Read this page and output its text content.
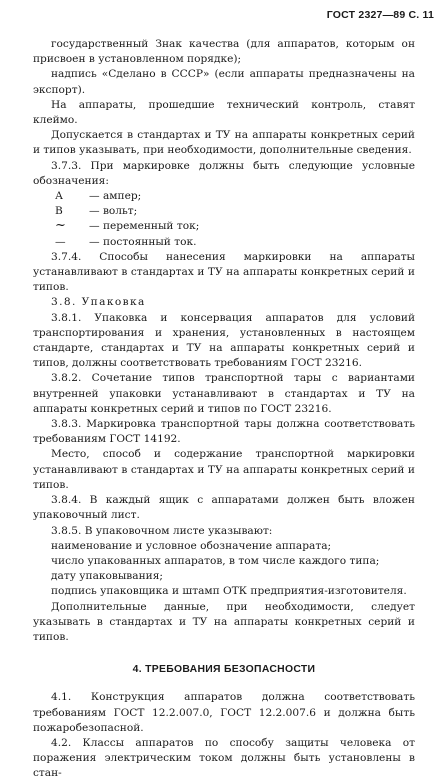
ГОСТ 2327—89 С. 11

государственный Знак качества (для аппаратов, которым он присвоен в установленном порядке);

надпись «Сделано в СССР» (если аппараты предназначены на экспорт).

На аппараты, прошедшие технический контроль, ставят клеймо.

Допускается в стандартах и ТУ на аппараты конкретных серий и типов указывать, при необходимости, дополнительные сведения.

3.7.3. При маркировке должны быть следующие условные обозначения:

А	— ампер;
В	— вольт;
~	— переменный ток;
—	— постоянный ток.

3.7.4. Способы нанесения маркировки на аппараты устанавливают в стандартах и ТУ на аппараты конкретных серий и типов.

3.8. Упаковка

3.8.1. Упаковка и консервация аппаратов для условий транспортирования и хранения, установленных в настоящем стандарте, стандартах и ТУ на аппараты конкретных серий и типов, должны соответствовать требованиям ГОСТ 23216.

3.8.2. Сочетание типов транспортной тары с вариантами внутренней упаковки устанавливают в стандартах и ТУ на аппараты конкретных серий и типов по ГОСТ 23216.

3.8.3. Маркировка транспортной тары должна соответствовать требованиям ГОСТ 14192.

Место, способ и содержание транспортной маркировки устанавливают в стандартах и ТУ на аппараты конкретных серий и типов.

3.8.4. В каждый ящик с аппаратами должен быть вложен упаковочный лист.

3.8.5. В упаковочном листе указывают:

наименование и условное обозначение аппарата;

число упакованных аппаратов, в том числе каждого типа;

дату упаковывания;

подпись упаковщика и штамп ОТК предприятия-изготовителя.

Дополнительные данные, при необходимости, следует указывать в стандартах и ТУ на аппараты конкретных серий и типов.

4. ТРЕБОВАНИЯ БЕЗОПАСНОСТИ

4.1. Конструкция аппаратов должна соответствовать требованиям ГОСТ 12.2.007.0, ГОСТ 12.2.007.6 и должна быть пожаробезопасной.

4.2. Классы аппаратов по способу защиты человека от поражения электрическим током должны быть установлены в стан-
